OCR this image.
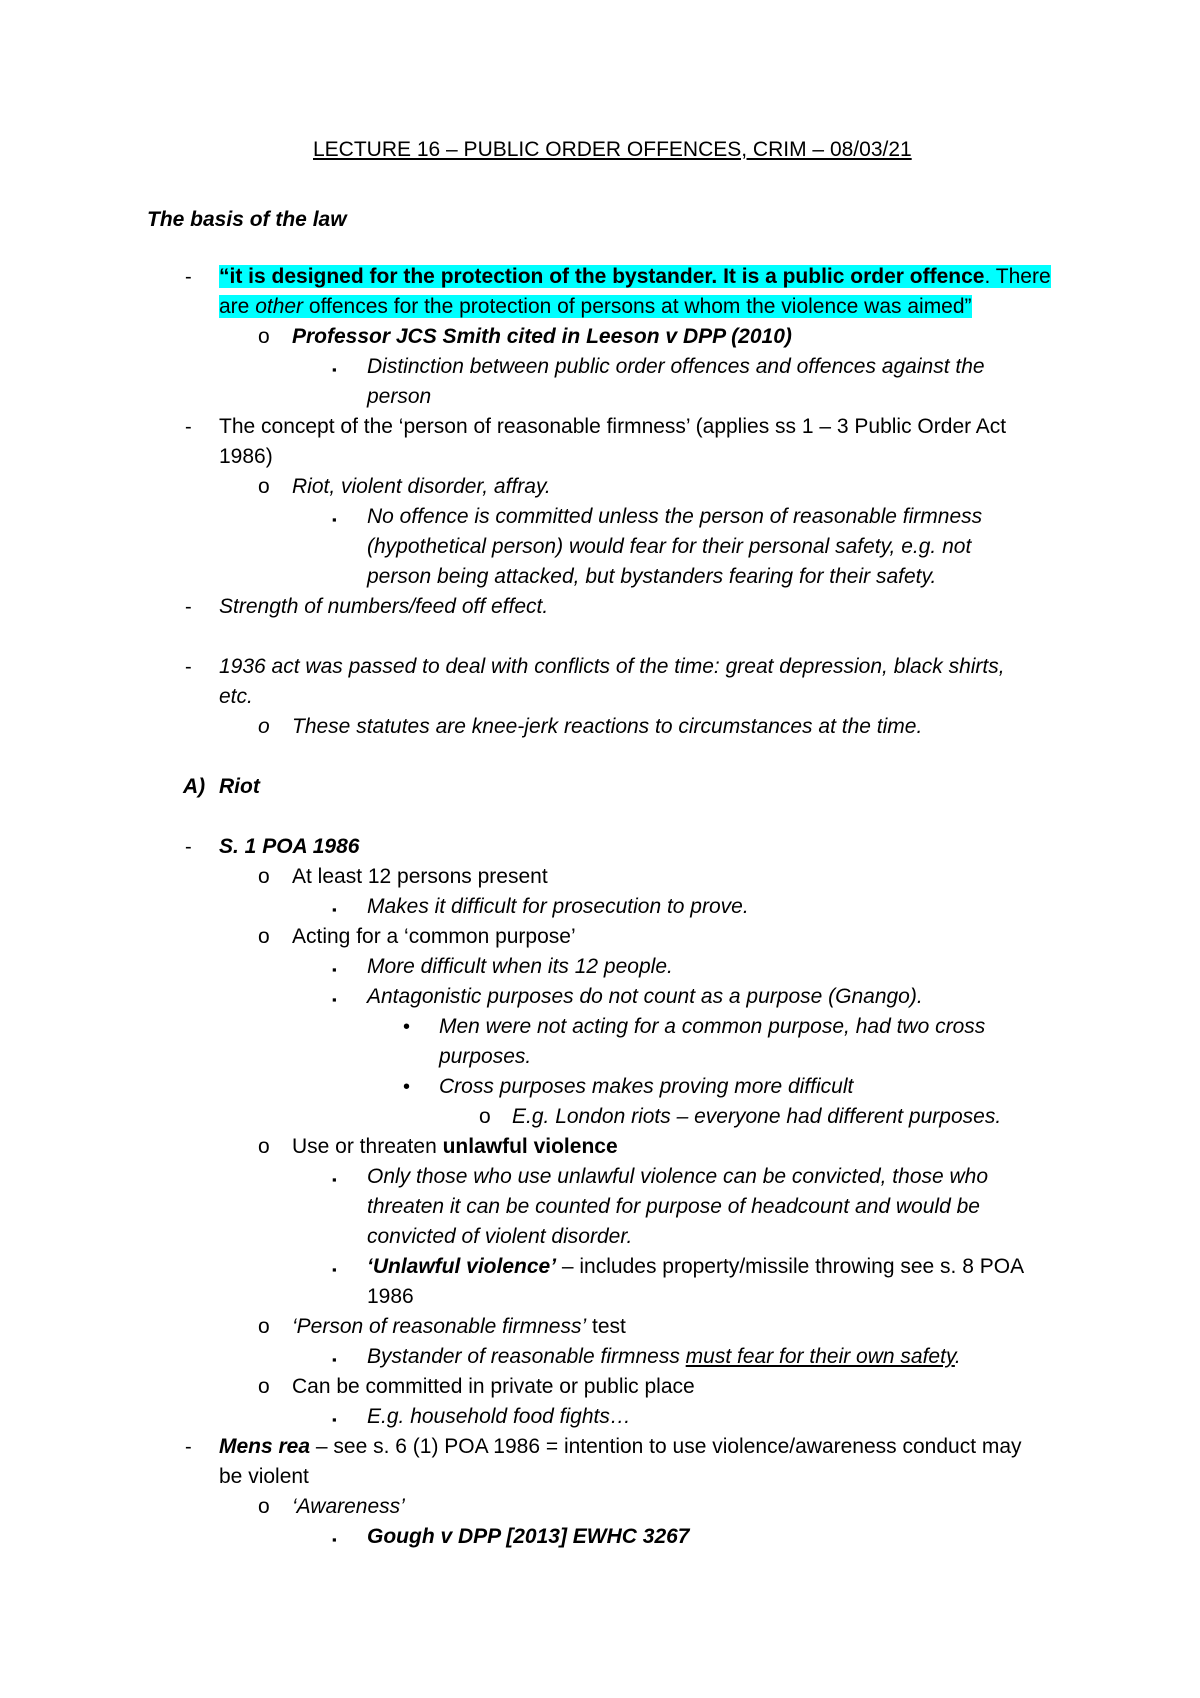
LECTURE 16 – PUBLIC ORDER OFFENCES, CRIM – 08/03/21
The basis of the law
- “it is designed for the protection of the bystander. It is a public order offence. There
are other offences for the protection of persons at whom the violence was aimed”
o Professor JCS Smith cited in Leeson v DPP (2010)
▪ Distinction between public order offences and offences against the
person
- The concept of the ‘person of reasonable firmness’ (applies ss 1 – 3 Public Order Act
1986)
o Riot, violent disorder, affray.
▪ No offence is committed unless the person of reasonable firmness
(hypothetical person) would fear for their personal safety, e.g. not
person being attacked, but bystanders fearing for their safety.
- Strength of numbers/feed off effect.
- 1936 act was passed to deal with conflicts of the time: great depression, black shirts,
etc.
o These statutes are knee-jerk reactions to circumstances at the time.
A) Riot
- S. 1 POA 1986
o At least 12 persons present
▪ Makes it difficult for prosecution to prove.
o Acting for a ‘common purpose’
▪ More difficult when its 12 people.
▪ Antagonistic purposes do not count as a purpose (Gnango).
• Men were not acting for a common purpose, had two cross
purposes.
• Cross purposes makes proving more difficult
o E.g. London riots – everyone had different purposes.
o Use or threaten unlawful violence
▪ Only those who use unlawful violence can be convicted, those who
threaten it can be counted for purpose of headcount and would be
convicted of violent disorder.
▪ ‘Unlawful violence’ – includes property/missile throwing see s. 8 POA
1986
o ‘Person of reasonable firmness’ test
▪ Bystander of reasonable firmness must fear for their own safety.
o Can be committed in private or public place
▪ E.g. household food fights…
- Mens rea – see s. 6 (1) POA 1986 = intention to use violence/awareness conduct may
be violent
o ‘Awareness’
▪ Gough v DPP [2013] EWHC 3267
